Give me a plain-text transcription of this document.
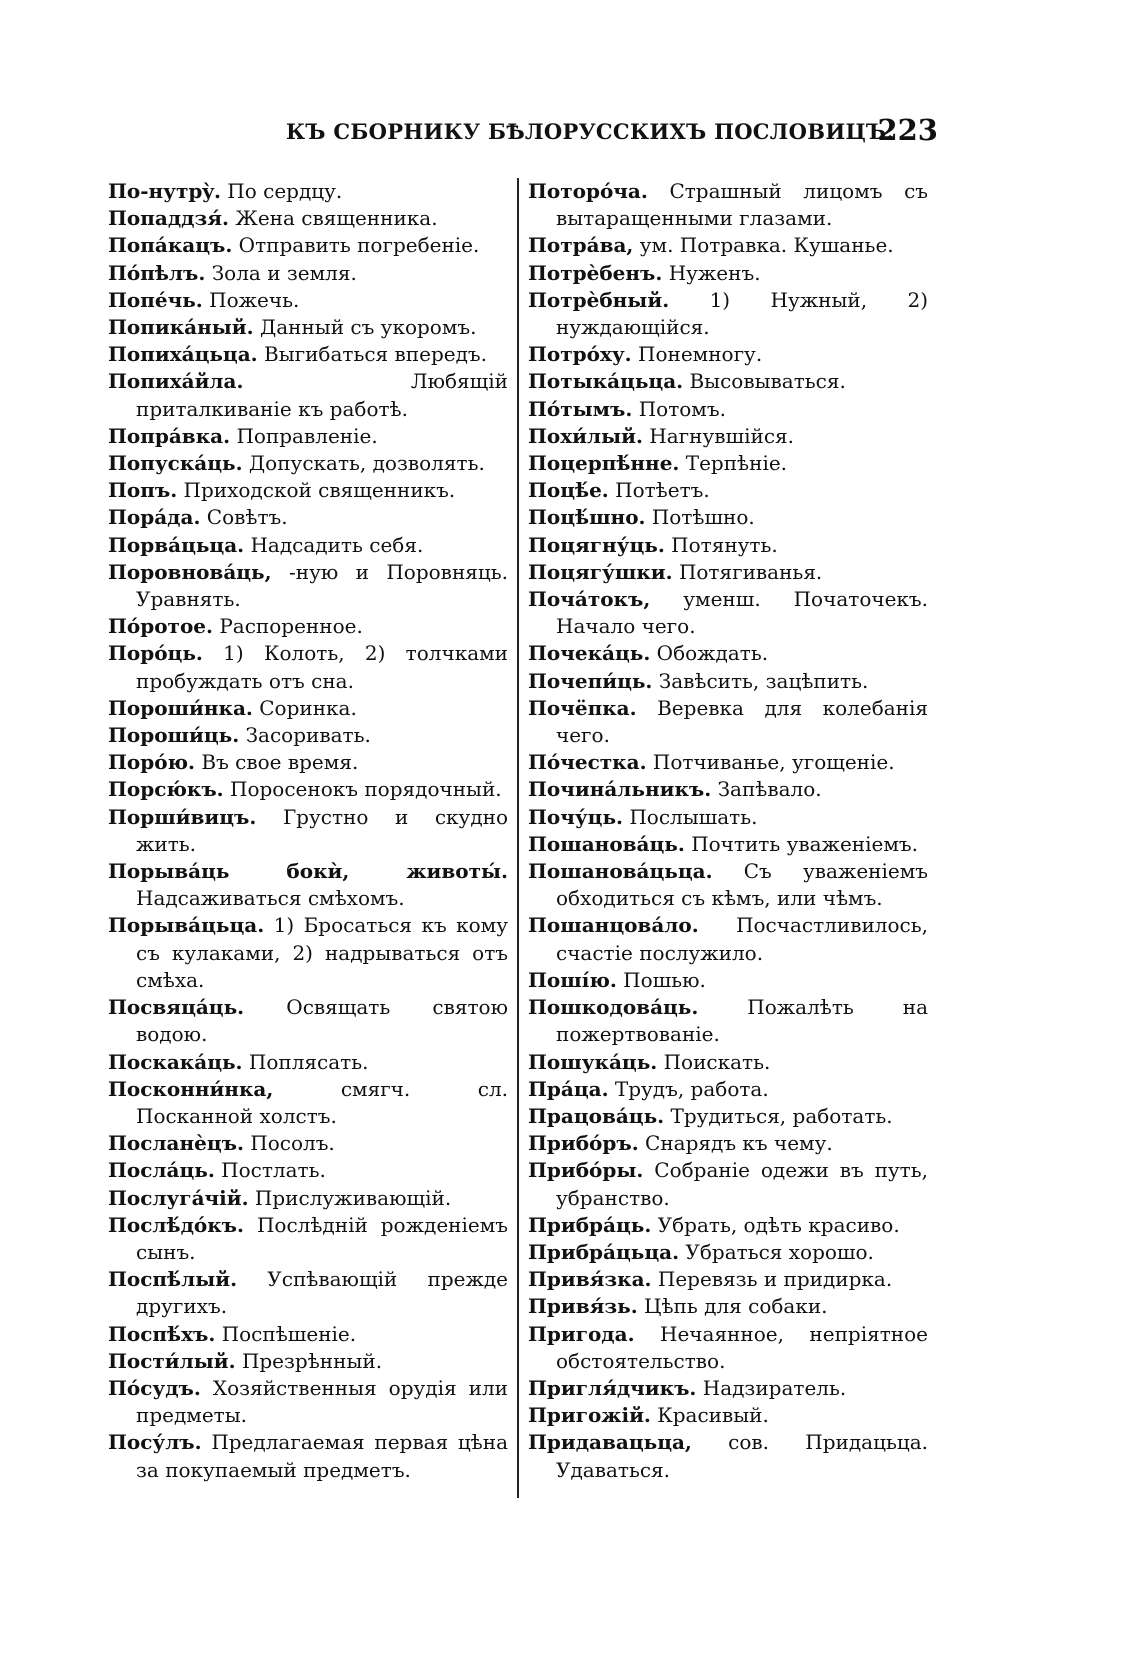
КЪ СБОРНИКУ БѢЛОРУССКИХЪ ПОСЛОВИЦЪ.
223

По-нутрỳ. По сердцу.

Попаддзя́. Жена священника.

Попа́кацъ. Отправить погребеніе.

По́пѣлъ. Зола и земля.

Попе́чь. Пожечь.

Попика́ный. Данный съ укоромъ.

Попиха́цьца. Выгибаться впередъ.

Попиха́йла.	Любящій приталкиваніе къ работѣ.

Попра́вка. Поправленіе.

Попуска́ць. Допускать, дозволять.

Попъ. Приходской священникъ.

Пора́да. Совѣтъ.

Порва́цьца. Надсадить себя.

Поровнова́ць, -ную и Поровняць. Уравнять.

По́ротое. Распоренное.

Поро́ць. 1) Колоть, 2) толчками пробуждать отъ сна.

Пороши́нка. Соринка.

Пороши́ць. Засоривать.

Поро́ю. Въ свое время.

Порсю́къ. Поросенокъ порядочный.

Порши́вицъ. Грустно и скудно жить.

Порыва́ць бокѝ, животы́. Надсаживаться смѣхомъ.

Порыва́цьца. 1) Бросаться къ кому съ кулаками, 2) надрываться отъ смѣха.

Посвяца́ць. Освящать святою водою.

Поскака́ць. Поплясать.

Посконни́нка,	смягч. сл. Посканной холстъ.

Посланѐцъ. Посолъ.

Посла́ць. Постлать.

Послуга́чій. Прислуживающій.

Послѣ́дóкъ. Послѣдній рожденіемъ сынъ.

Поспѣ́лый. Успѣвающій прежде другихъ.

Поспѣ́хъ. Поспѣшеніе.

Пости́лый. Презрѣнный.

По́судъ. Хозяйственныя орудія или предметы.

Посу́лъ. Предлагаемая первая цѣна за покупаемый предметъ.

Поторо́ча. Страшный лицомъ съ вытаращенными глазами.

Потра́ва, ум. Потравка. Кушанье.

Потрѐбенъ. Нуженъ.

Потрѐбный. 1) Нужный, 2) нуждающійся.

Потро́ху. Понемногу.

Потыка́цьца. Высовываться.

По́тымъ. Потомъ.

Похи́лый. Нагнувшійся.

Поцерпѣ́нне. Терпѣніе.

Поцѣ́е. Потѣетъ.

Поцѣ́шно. Потѣшно.

Поцягну́ць. Потянуть.

Поцягу́шки. Потягиванья.

Поча́токъ, уменш. Початочекъ. Начало чего.

Почека́ць. Обождать.

Почепи́ць. Завѣсить, зацѣпить.

Почёпка. Веревка для колебанія чего.

По́честка. Потчиванье, угощеніе.

Почина́льникъ. Запѣвало.

Почу́ць. Послышать.

Пошанова́ць. Почтить уваженіемъ.

Пошанова́цьца. Съ уваженіемъ обходиться съ кѣмъ, или чѣмъ.

Пошанцова́ло. Посчастливилось, счастіе послужило.

Поші́ю. Пошью.

Пошкодова́ць. Пожалѣть на пожертвованіе.

Пошука́ць. Поискать.

Пра́ца. Трудъ, работа.

Працова́ць. Трудиться, работать.

Прибо́ръ. Снарядъ къ чему.

Прибо́ры. Собраніе одежи въ путь, убранство.

Прибра́ць. Убрать, одѣть красиво.

Прибра́цьца. Убраться хорошо.

Привя́зка. Перевязь и придирка.

Привя́зь. Цѣпь для собаки.

Пригода. Нечаянное, непріятное обстоятельство.

Пригля́дчикъ. Надзиратель.

Пригожій. Красивый.

Придавацьца, сов. Придацьца. Удаваться.
